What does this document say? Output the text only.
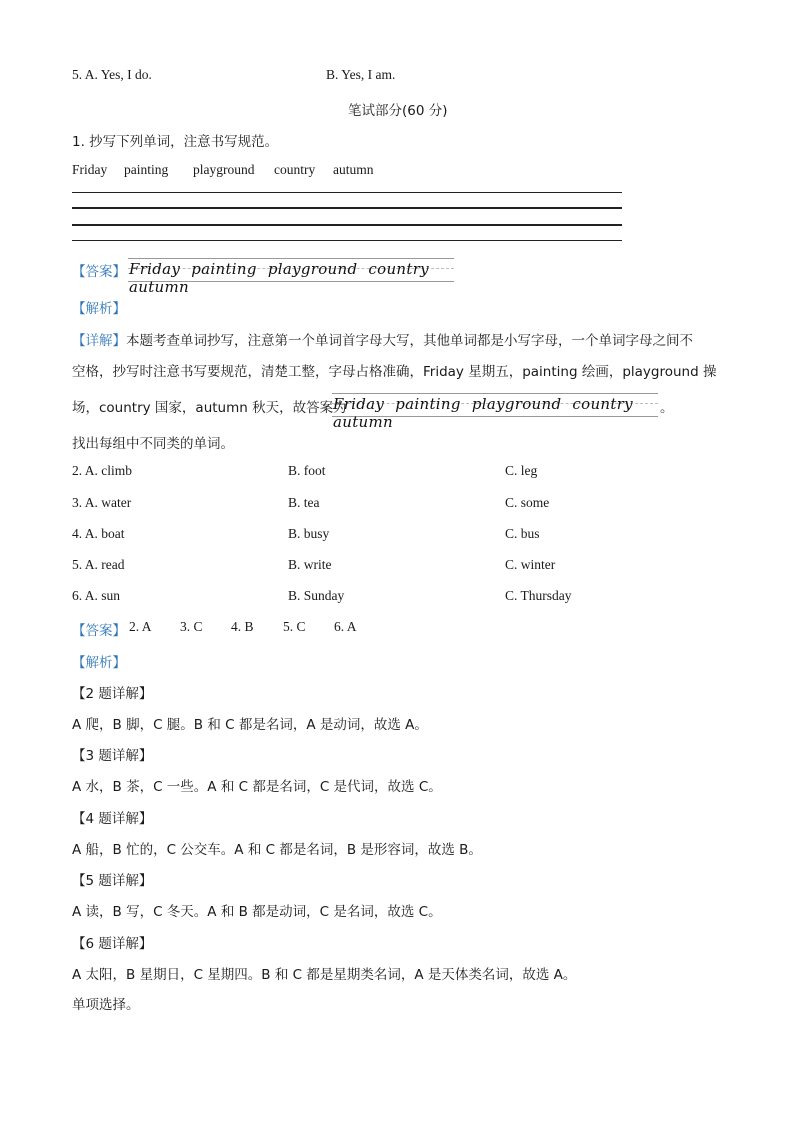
5. A. Yes, I do.	B. Yes, I am.
笔试部分(60 分)
1. 抄写下列单词，注意书写规范。
Friday painting playground country autumn
【答案】 Friday painting playground country autumn
【解析】
【详解】本题考查单词抄写，注意第一个单词首字母大写，其他单词都是小写字母，一个单词字母之间不
空格，抄写时注意书写要规范，清楚工整，字母占格准确，Friday 星期五，painting 绘画，playground 操
场，country 国家，autumn 秋天，故答案为
Friday painting playground country autumn
。
找出每组中不同类的单词。
2. A. climb	B. foot	C. leg
3. A. water	B. tea	C. some
4. A. boat	B. busy	C. bus
5. A. read	B. write	C. winter
6. A. sun	B. Sunday	C. Thursday
【答案】 2. A 3. C 4. B 5. C 6. A
【解析】
【2 题详解】
A 爬，B 脚，C 腿。B 和 C 都是名词，A 是动词，故选 A。
【3 题详解】
A 水，B 茶，C 一些。A 和 C 都是名词，C 是代词，故选 C。
【4 题详解】
A 船，B 忙的，C 公交车。A 和 C 都是名词，B 是形容词，故选 B。
【5 题详解】
A 读，B 写，C 冬天。A 和 B 都是动词，C 是名词，故选 C。
【6 题详解】
A 太阳，B 星期日，C 星期四。B 和 C 都是星期类名词，A 是天体类名词，故选 A。
单项选择。
